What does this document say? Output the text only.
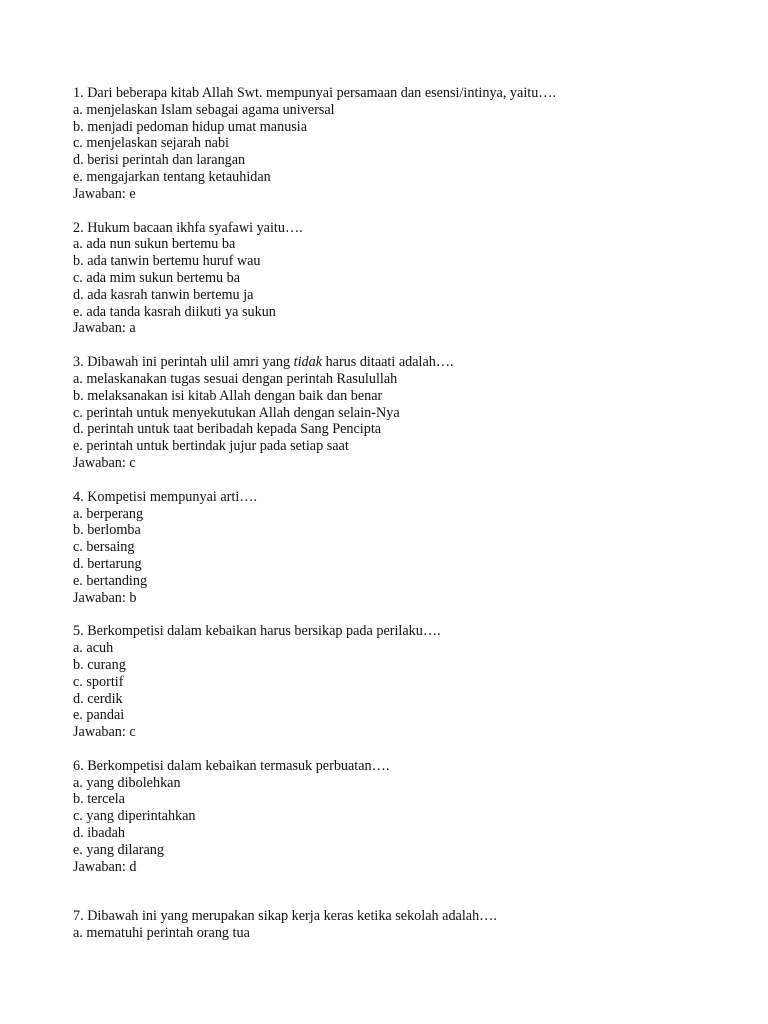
1. Dari beberapa kitab Allah Swt. mempunyai persamaan dan esensi/intinya, yaitu….
a. menjelaskan Islam sebagai agama universal
b. menjadi pedoman hidup umat manusia
c. menjelaskan sejarah nabi
d. berisi perintah dan larangan
e. mengajarkan tentang ketauhidan
Jawaban: e
2. Hukum bacaan ikhfa syafawi yaitu….
a. ada nun sukun bertemu ba
b. ada tanwin bertemu huruf wau
c. ada mim sukun bertemu ba
d. ada kasrah tanwin bertemu ja
e. ada tanda kasrah diikuti ya sukun
Jawaban: a
3. Dibawah ini perintah ulil amri yang tidak harus ditaati adalah….
a. melaskanakan tugas sesuai dengan perintah Rasulullah
b. melaksanakan isi kitab Allah dengan baik dan benar
c. perintah untuk menyekutukan Allah dengan selain-Nya
d. perintah untuk taat beribadah kepada Sang Pencipta
e. perintah untuk bertindak jujur pada setiap saat
Jawaban: c
4. Kompetisi mempunyai arti….
a. berperang
b. berlomba
c. bersaing
d. bertarung
e. bertanding
Jawaban: b
5. Berkompetisi dalam kebaikan harus bersikap pada perilaku….
a. acuh
b. curang
c. sportif
d. cerdik
e. pandai
Jawaban: c
6. Berkompetisi dalam kebaikan termasuk perbuatan….
a. yang dibolehkan
b. tercela
c. yang diperintahkan
d. ibadah
e. yang dilarang
Jawaban: d
7. Dibawah ini yang merupakan sikap kerja keras ketika sekolah adalah….
a. mematuhi perintah orang tua
